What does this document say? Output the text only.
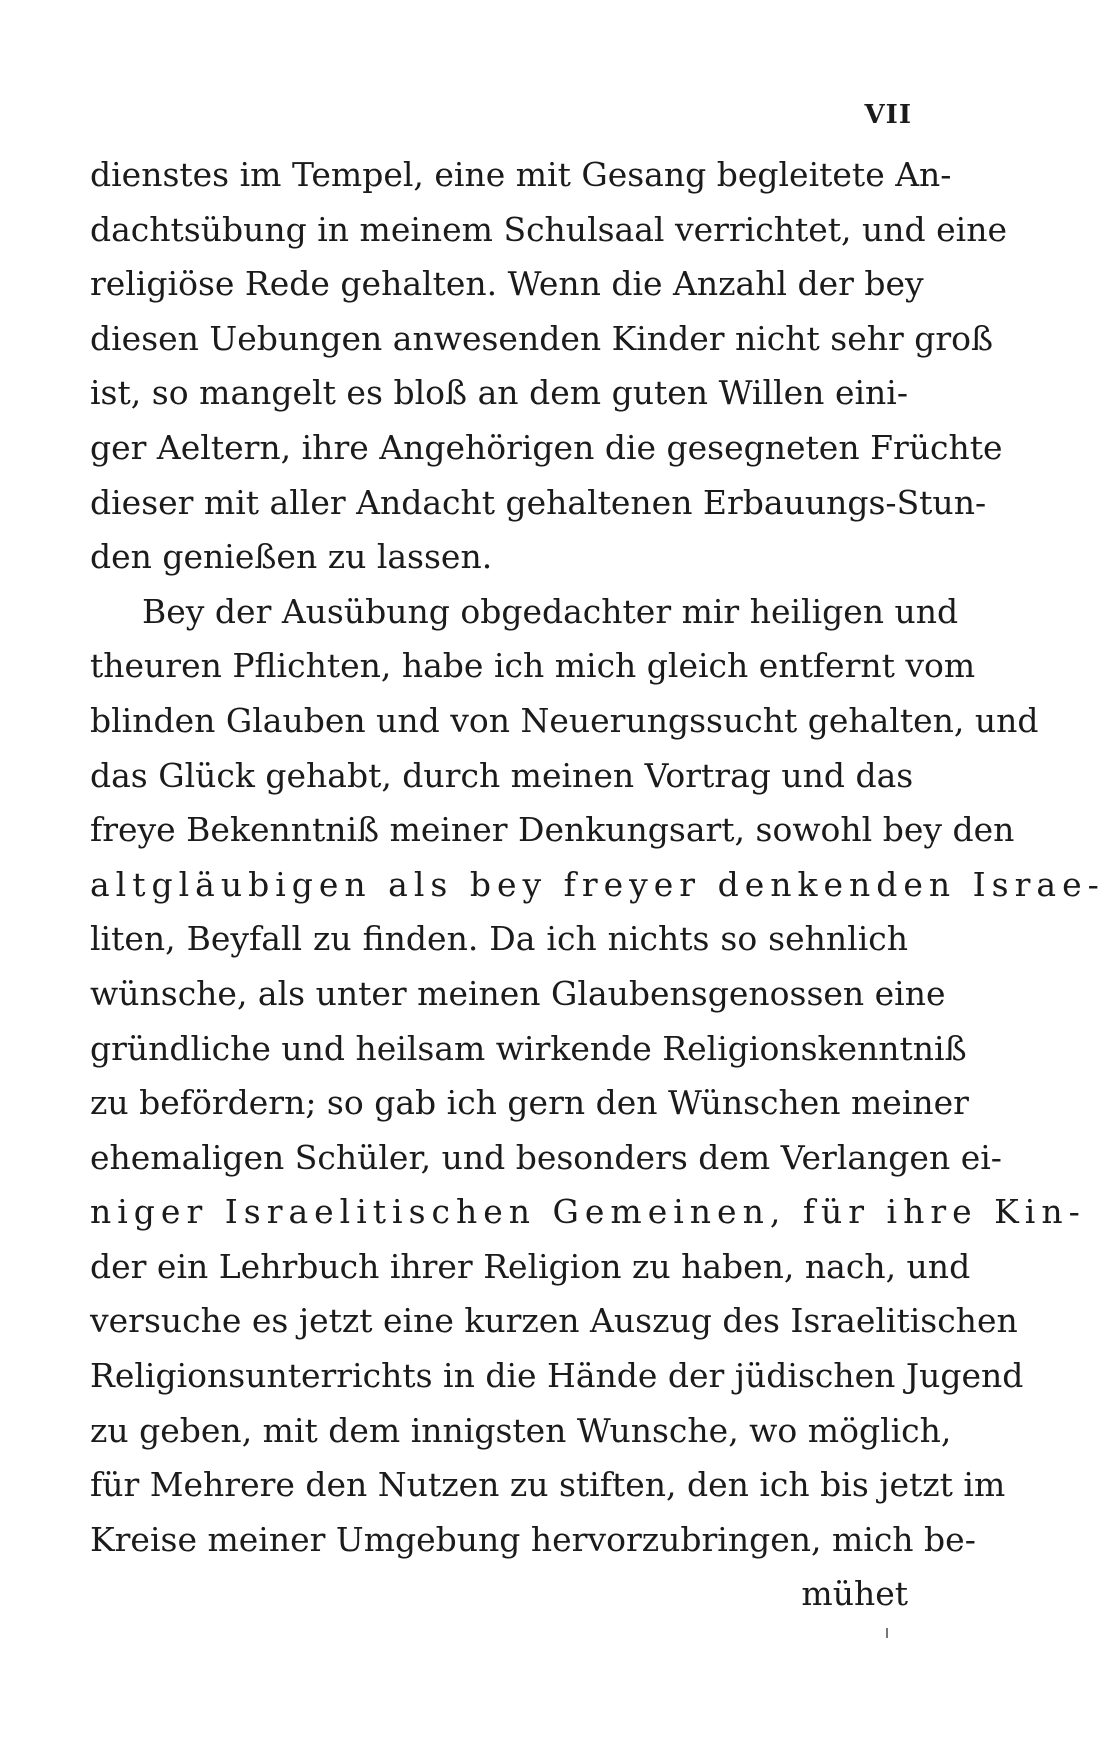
VII
dienstes im Tempel, eine mit Gesang begleitete An-
dachtsübung in meinem Schulsaal verrichtet, und eine
religiöse Rede gehalten. Wenn die Anzahl der bey
diesen Uebungen anwesenden Kinder nicht sehr groß
ist, so mangelt es bloß an dem guten Willen eini-
ger Aeltern, ihre Angehörigen die gesegneten Früchte
dieser mit aller Andacht gehaltenen Erbauungs-Stun-
den genießen zu lassen.
Bey der Ausübung obgedachter mir heiligen und
theuren Pflichten, habe ich mich gleich entfernt vom
blinden Glauben und von Neuerungssucht gehalten, und
das Glück gehabt, durch meinen Vortrag und das
freye Bekenntniß meiner Denkungsart, sowohl bey den
altgläubigen als bey freyer denkenden Israe-
liten, Beyfall zu finden. Da ich nichts so sehnlich
wünsche, als unter meinen Glaubensgenossen eine
gründliche und heilsam wirkende Religionskenntniß
zu befördern; so gab ich gern den Wünschen meiner
ehemaligen Schüler, und besonders dem Verlangen ei-
niger Israelitischen Gemeinen, für ihre Kin-
der ein Lehrbuch ihrer Religion zu haben, nach, und
versuche es jetzt eine kurzen Auszug des Israelitischen
Religionsunterrichts in die Hände der jüdischen Jugend
zu geben, mit dem innigsten Wunsche, wo möglich,
für Mehrere den Nutzen zu stiften, den ich bis jetzt im
Kreise meiner Umgebung hervorzubringen, mich be-
mühet
